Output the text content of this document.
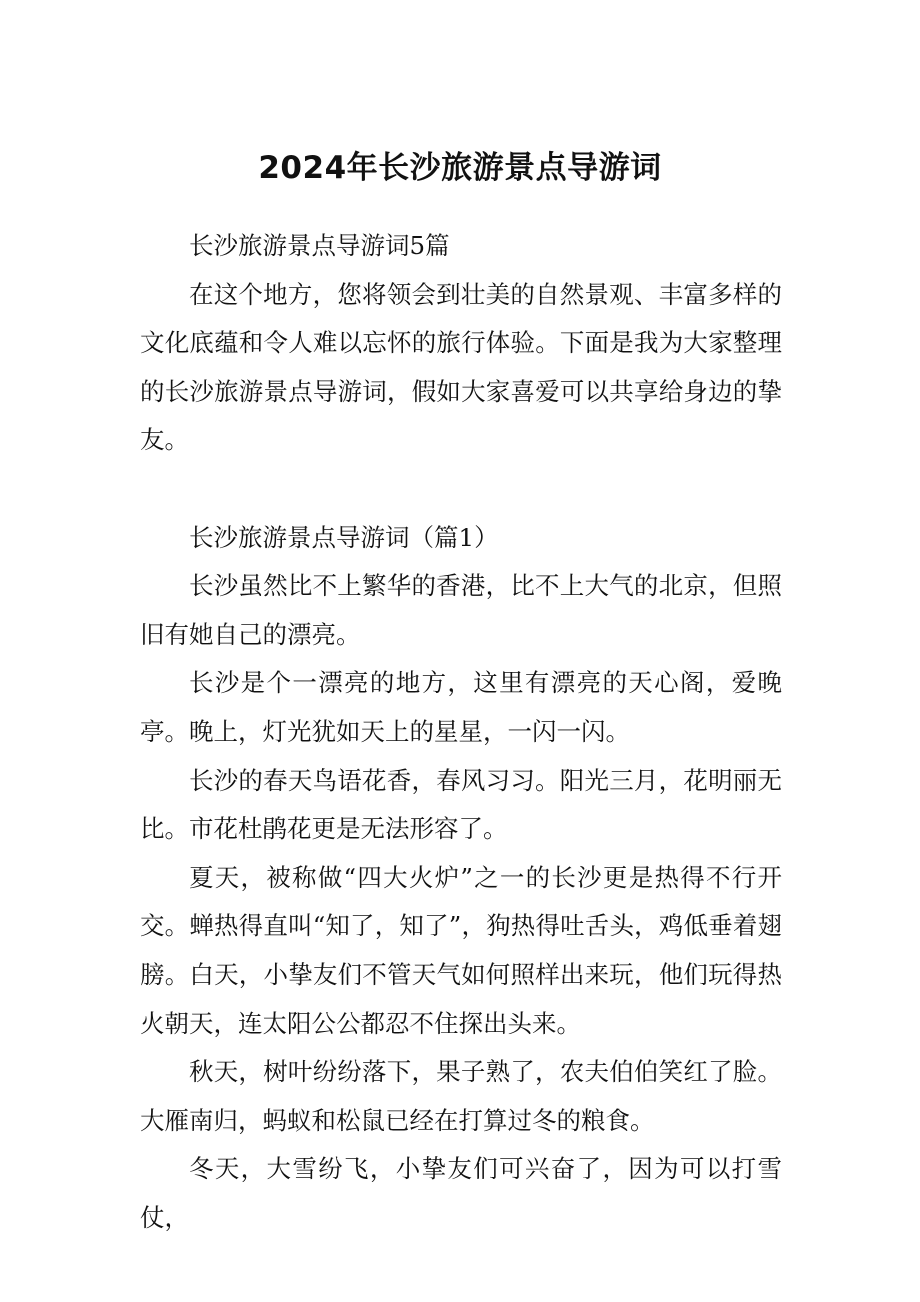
2024年长沙旅游景点导游词

长沙旅游景点导游词5篇

在这个地方，您将领会到壮美的自然景观、丰富多样的文化底蕴和令人难以忘怀的旅行体验。下面是我为大家整理的长沙旅游景点导游词，假如大家喜爱可以共享给身边的挚友。

长沙旅游景点导游词（篇1）

长沙虽然比不上繁华的香港，比不上大气的北京，但照旧有她自己的漂亮。

长沙是个一漂亮的地方，这里有漂亮的天心阁，爱晚亭。晚上，灯光犹如天上的星星，一闪一闪。

长沙的春天鸟语花香，春风习习。阳光三月，花明丽无比。市花杜鹃花更是无法形容了。

夏天，被称做“四大火炉”之一的长沙更是热得不行开交。蝉热得直叫“知了，知了”，狗热得吐舌头，鸡低垂着翅膀。白天，小挚友们不管天气如何照样出来玩，他们玩得热火朝天，连太阳公公都忍不住探出头来。

秋天，树叶纷纷落下，果子熟了，农夫伯伯笑红了脸。大雁南归，蚂蚁和松鼠已经在打算过冬的粮食。

冬天，大雪纷飞，小挚友们可兴奋了，因为可以打雪仗，
